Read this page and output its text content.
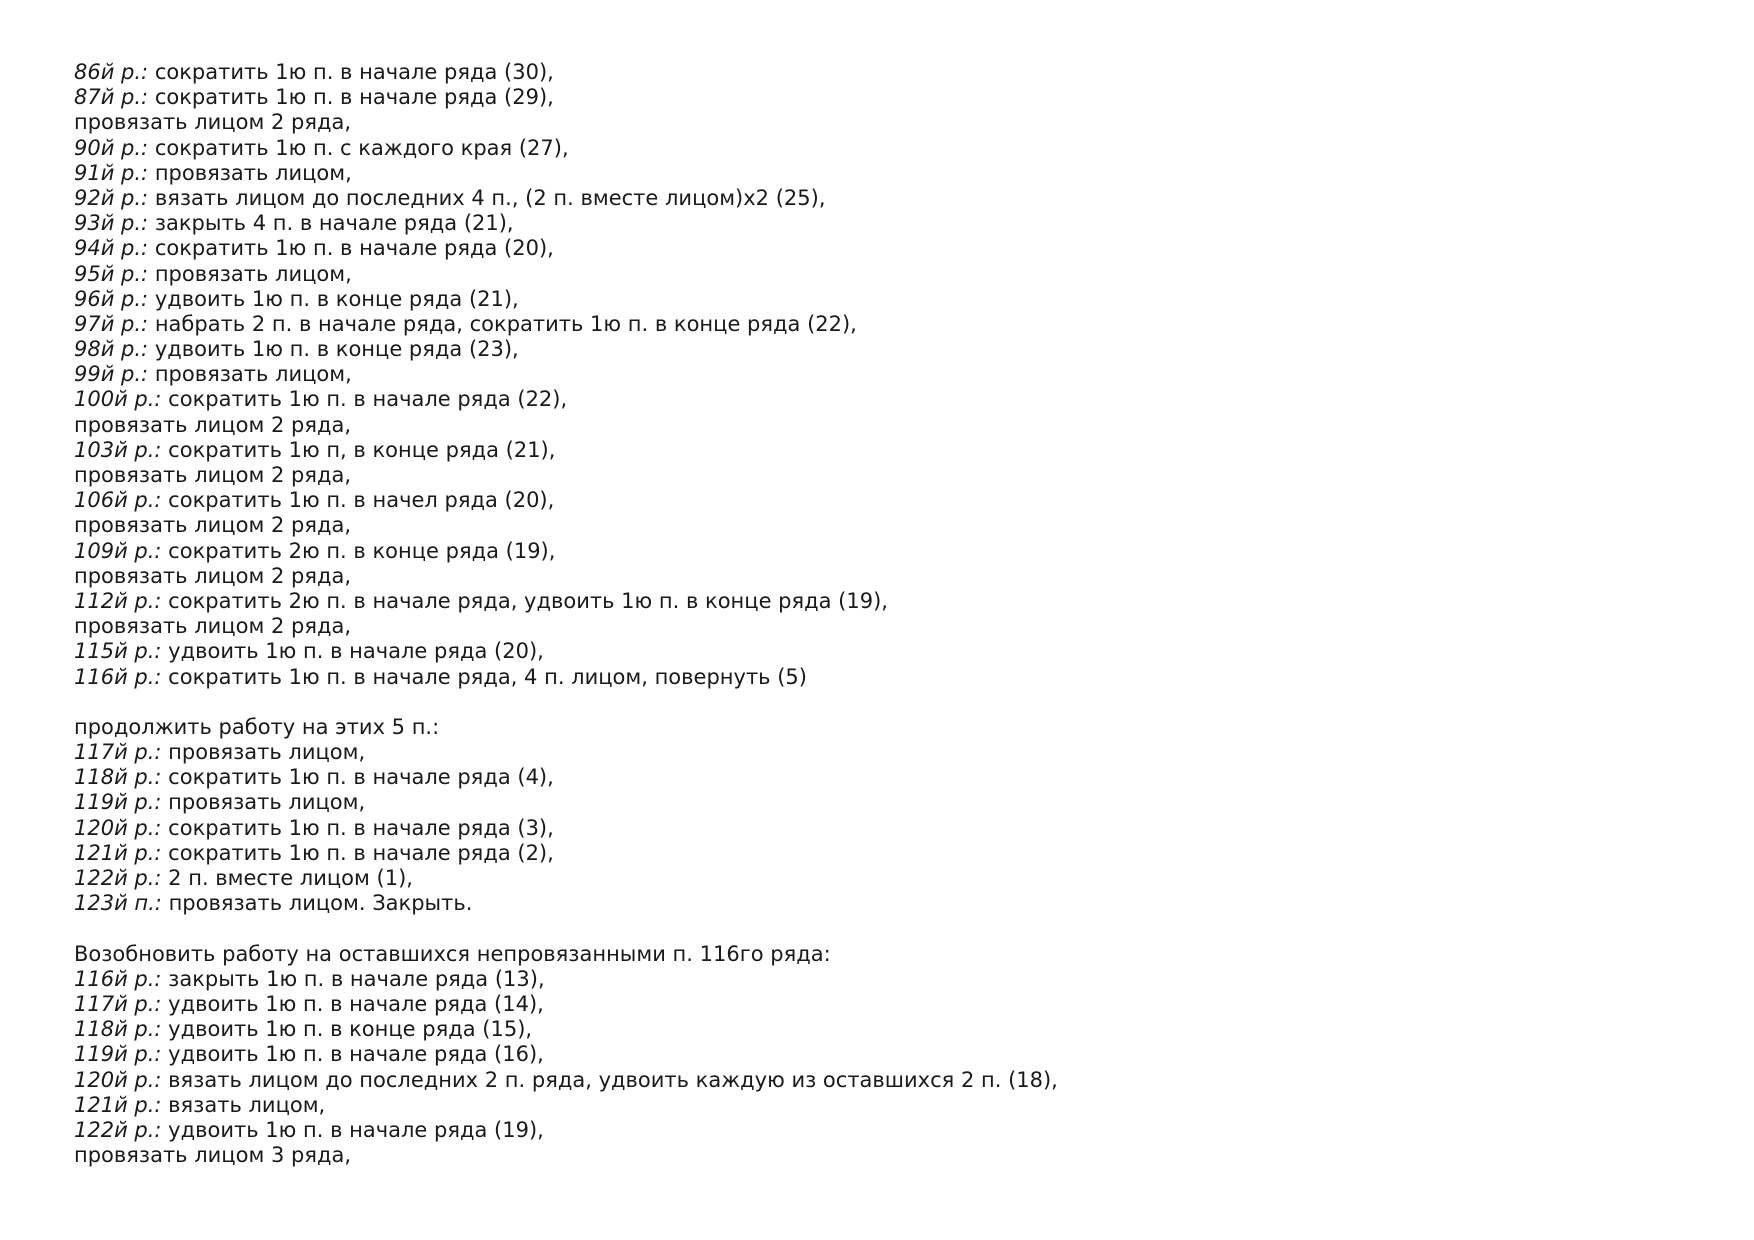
86й р.: сократить 1ю п. в начале ряда (30),
87й р.: сократить 1ю п. в начале ряда (29),
провязать лицом 2 ряда,
90й р.: сократить 1ю п. с каждого края (27),
91й р.: провязать лицом,
92й р.: вязать лицом до последних 4 п., (2 п. вместе лицом)x2 (25),
93й р.: закрыть 4 п. в начале ряда (21),
94й р.: сократить 1ю п. в начале ряда (20),
95й р.: провязать лицом,
96й р.: удвоить 1ю п. в конце ряда (21),
97й р.: набрать 2 п. в начале ряда, сократить 1ю п. в конце ряда (22),
98й р.: удвоить 1ю п. в конце ряда (23),
99й р.: провязать лицом,
100й р.: сократить 1ю п. в начале ряда (22),
провязать лицом 2 ряда,
103й р.: сократить 1ю п, в конце ряда (21),
провязать лицом 2 ряда,
106й р.: сократить 1ю п. в начел ряда (20),
провязать лицом 2 ряда,
109й р.: сократить 2ю п. в конце ряда (19),
провязать лицом 2 ряда,
112й р.: сократить 2ю п. в начале ряда, удвоить 1ю п. в конце ряда (19),
провязать лицом 2 ряда,
115й р.: удвоить 1ю п. в начале ряда (20),
116й р.: сократить 1ю п. в начале ряда, 4 п. лицом, повернуть (5)
продолжить работу на этих 5 п.:
117й р.: провязать лицом,
118й р.: сократить 1ю п. в начале ряда (4),
119й р.: провязать лицом,
120й р.: сократить 1ю п. в начале ряда (3),
121й р.: сократить 1ю п. в начале ряда (2),
122й р.: 2 п. вместе лицом (1),
123й п.: провязать лицом. Закрыть.
Возобновить работу на оставшихся непровязанными п. 116го ряда:
116й р.: закрыть 1ю п. в начале ряда (13),
117й р.: удвоить 1ю п. в начале ряда (14),
118й р.: удвоить 1ю п. в конце ряда (15),
119й р.: удвоить 1ю п. в начале ряда (16),
120й р.: вязать лицом до последних 2 п. ряда, удвоить каждую из оставшихся 2 п. (18),
121й р.: вязать лицом,
122й р.: удвоить 1ю п. в начале ряда (19),
провязать лицом 3 ряда,
